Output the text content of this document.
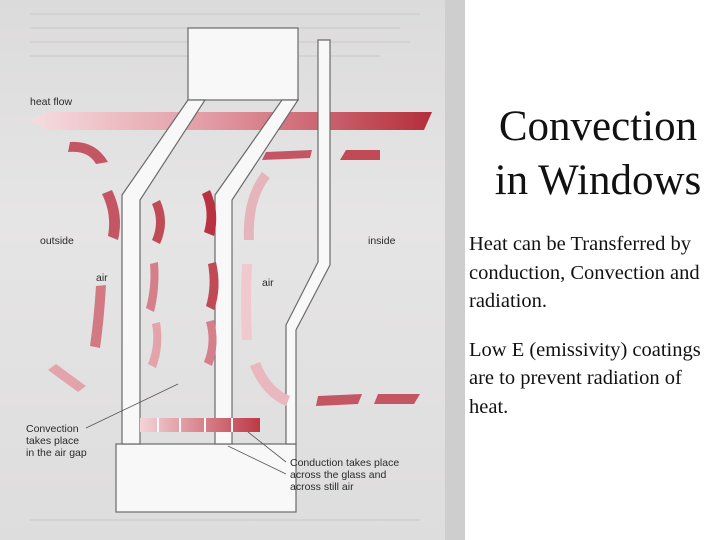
heat flow
outside	inside
air	air
Convection
takes place
in the air gap
Conduction takes place
across the glass and
across still air
Convection
in Windows

Heat can be Transferred by conduction, Convection and radiation.

Low E (emissivity) coatings are to prevent radiation of heat.
